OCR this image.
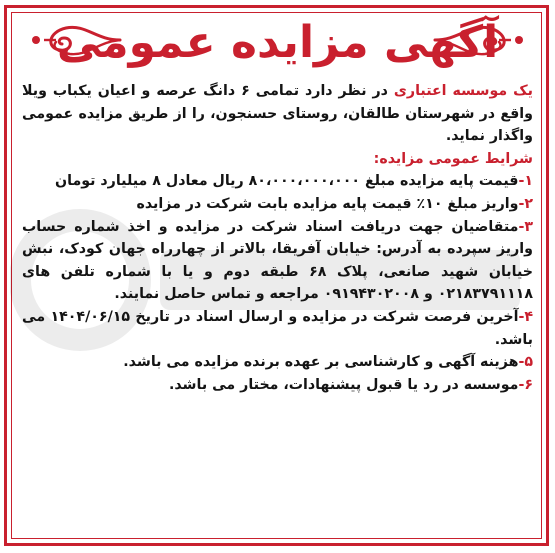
آگهی مزایده عمومی

یک موسسه اعتباری در نظر دارد تمامی ۶ دانگ عرصه و اعیان یکباب ویلا واقع در شهرستان طالقان، روستای حسنجون، را از طریق مزایده عمومی واگذار نماید.

شرایط عمومی مزایده:

۱-قیمت پایه مزایده مبلغ ۸۰،۰۰۰،۰۰۰،۰۰۰ ریال معادل ۸ میلیارد تومان

۲-واریز مبلغ ۱۰٪ قیمت پایه مزایده بابت شرکت در مزایده

۳-متقاضیان جهت دریافت اسناد شرکت در مزایده و اخذ شماره حساب واریز سپرده به آدرس: خیابان آفریقا، بالاتر از چهارراه جهان کودک، نبش خیابان شهید صانعی، پلاک ۶۸ طبقه دوم و یا با شماره تلفن های ۰۲۱۸۳۷۹۱۱۱۸ و ۰۹۱۹۴۳۰۲۰۰۸ مراجعه و تماس حاصل نمایند.

۴-آخرین فرصت شرکت در مزایده و ارسال اسناد در تاریخ ۱۴۰۴/۰۶/۱۵ می باشد.

۵-هزینه آگهی و کارشناسی بر عهده برنده مزایده می باشد.

۶-موسسه در رد یا قبول پیشنهادات، مختار می باشد.
